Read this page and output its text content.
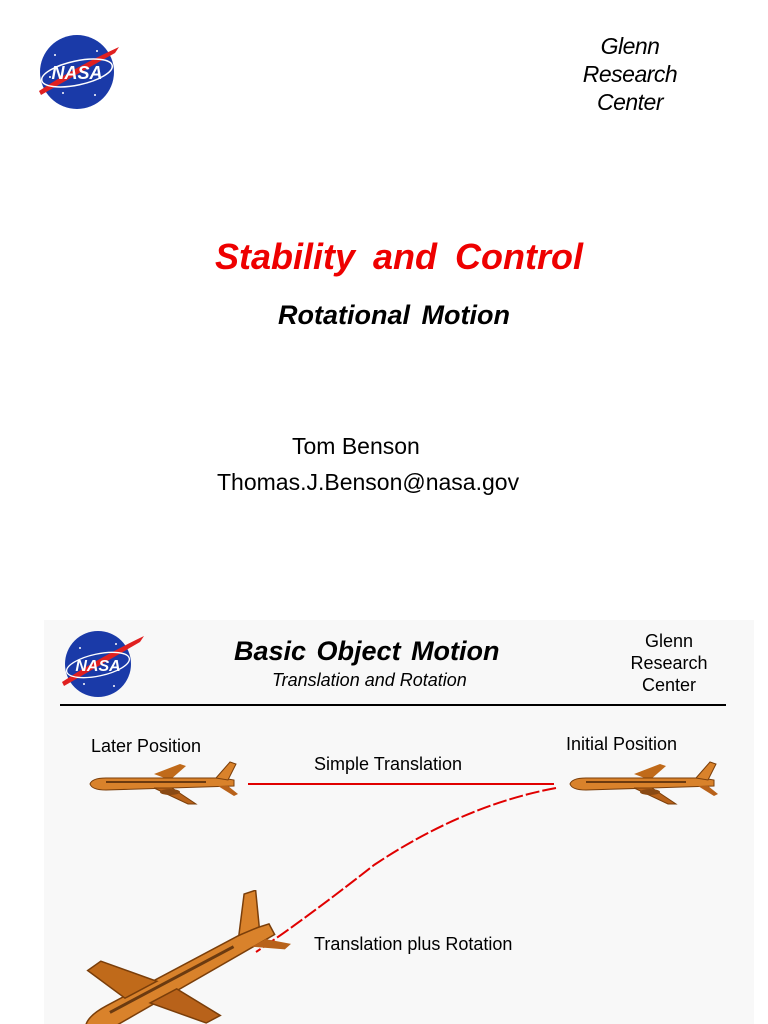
NASA
Glenn
Research
Center
Stability and Control
Rotational Motion
Tom Benson
Thomas.J.Benson@nasa.gov
NASA
Basic Object Motion
Translation and Rotation
Glenn
Research
Center
Later Position	Initial Position
Simple Translation
Translation plus Rotation
